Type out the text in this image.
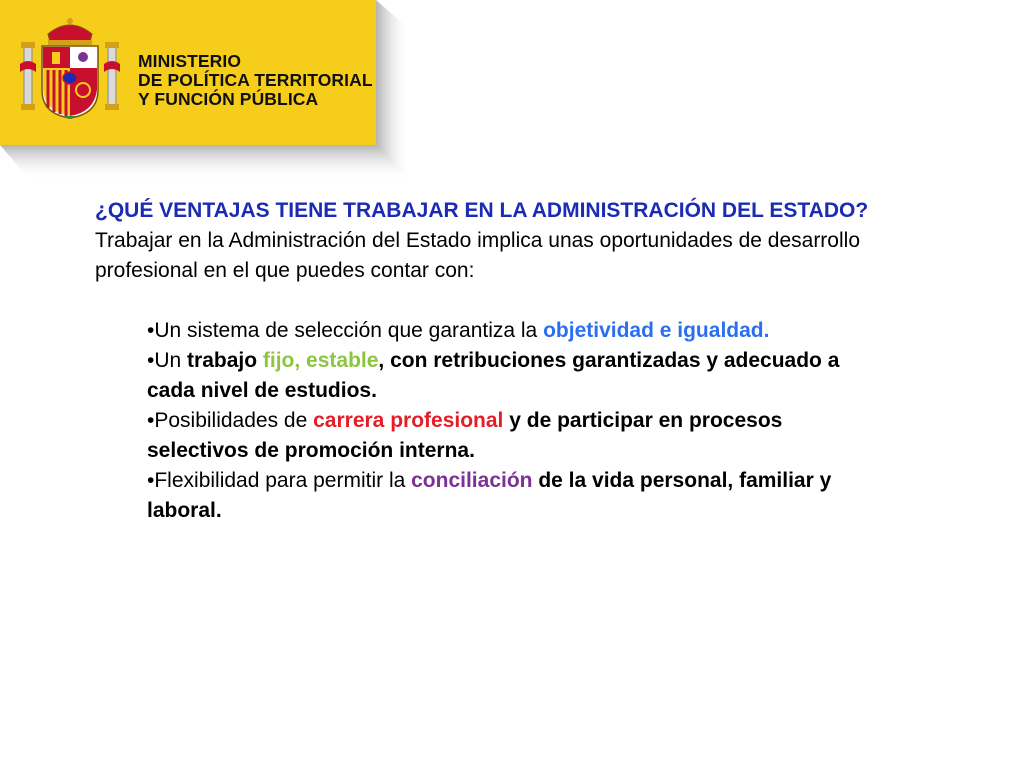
MINISTERIO
DE POLÍTICA TERRITORIAL
Y FUNCIÓN PÚBLICA
¿QUÉ VENTAJAS TIENE TRABAJAR EN LA ADMINISTRACIÓN DEL ESTADO?

Trabajar en la Administración del Estado implica unas oportunidades de desarrollo profesional en el que puedes contar con:

•Un sistema de selección que garantiza la objetividad e igualdad.

•Un trabajo fijo, estable, con retribuciones garantizadas y adecuado a cada nivel de estudios.

•Posibilidades de carrera profesional y de participar en procesos selectivos de promoción interna.

•Flexibilidad para permitir la conciliación de la vida personal, familiar y laboral.
